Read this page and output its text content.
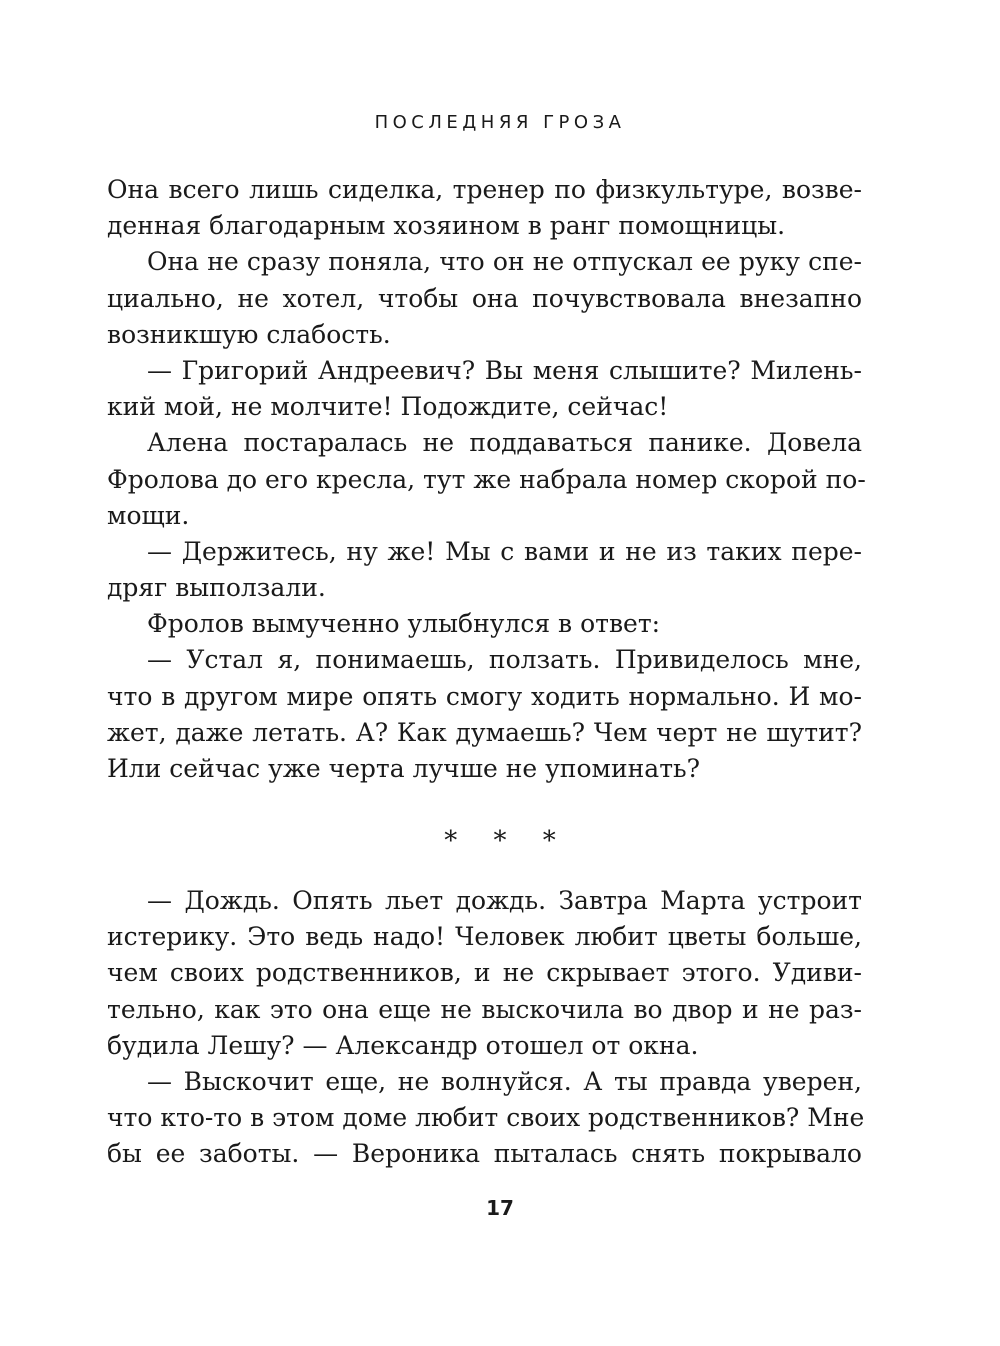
ПОСЛЕДНЯЯ ГРОЗА
Она всего лишь сиделка, тренер по физкультуре, возве-
денная благодарным хозяином в ранг помощницы.
Она не сразу поняла, что он не отпускал ее руку спе-
циально, не хотел, чтобы она почувствовала внезапно
возникшую слабость.
— Григорий Андреевич? Вы меня слышите? Милень-
кий мой, не молчите! Подождите, сейчас!
Алена постаралась не поддаваться панике. Довела
Фролова до его кресла, тут же набрала номер скорой по-
мощи.
— Держитесь, ну же! Мы с вами и не из таких пере-
дряг выползали.
Фролов вымученно улыбнулся в ответ:
— Устал я, понимаешь, ползать. Привиделось мне,
что в другом мире опять смогу ходить нормально. И мо-
жет, даже летать. А? Как думаешь? Чем черт не шутит?
Или сейчас уже черта лучше не упоминать?
* * *
— Дождь. Опять льет дождь. Завтра Марта устроит
истерику. Это ведь надо! Человек любит цветы больше,
чем своих родственников, и не скрывает этого. Удиви-
тельно, как это она еще не выскочила во двор и не раз-
будила Лешу? — Александр отошел от окна.
— Выскочит еще, не волнуйся. А ты правда уверен,
что кто-то в этом доме любит своих родственников? Мне
бы ее заботы. — Вероника пыталась снять покрывало
17
